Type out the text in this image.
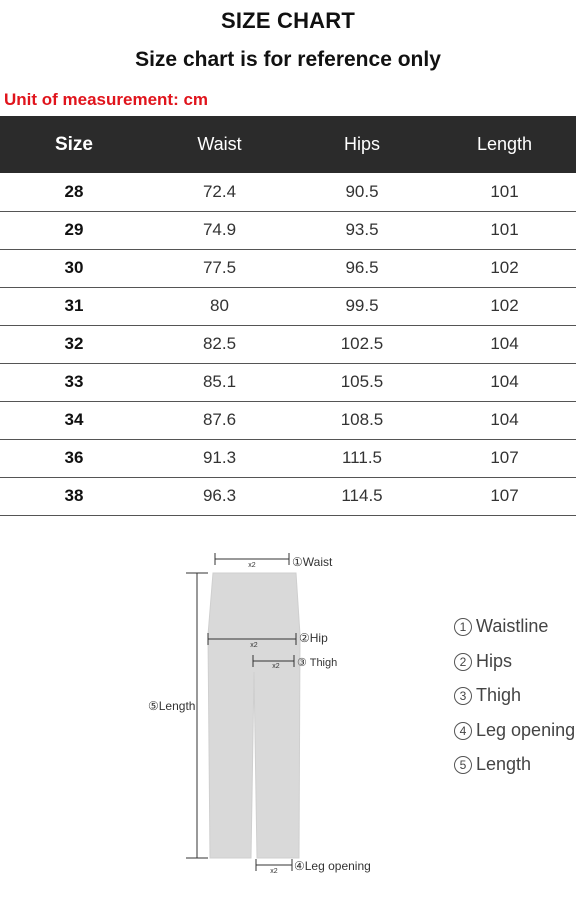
SIZE CHART
Size chart is for reference only
Unit of measurement: cm
Size	Waist	Hips	Length
28	72.4	90.5	101
29	74.9	93.5	101
30	77.5	96.5	102
31	80	99.5	102
32	82.5	102.5	104
33	85.1	105.5	104
34	87.6	108.5	104
36	91.3	111.5	107
38	96.3	114.5	107
x2	①Waist
x2
②Hip
x2 ③ Thigh
⑤Length
x2 ④Leg opening
1 Waistline
2 Hips
3 Thigh
4 Leg opening
5 Length
